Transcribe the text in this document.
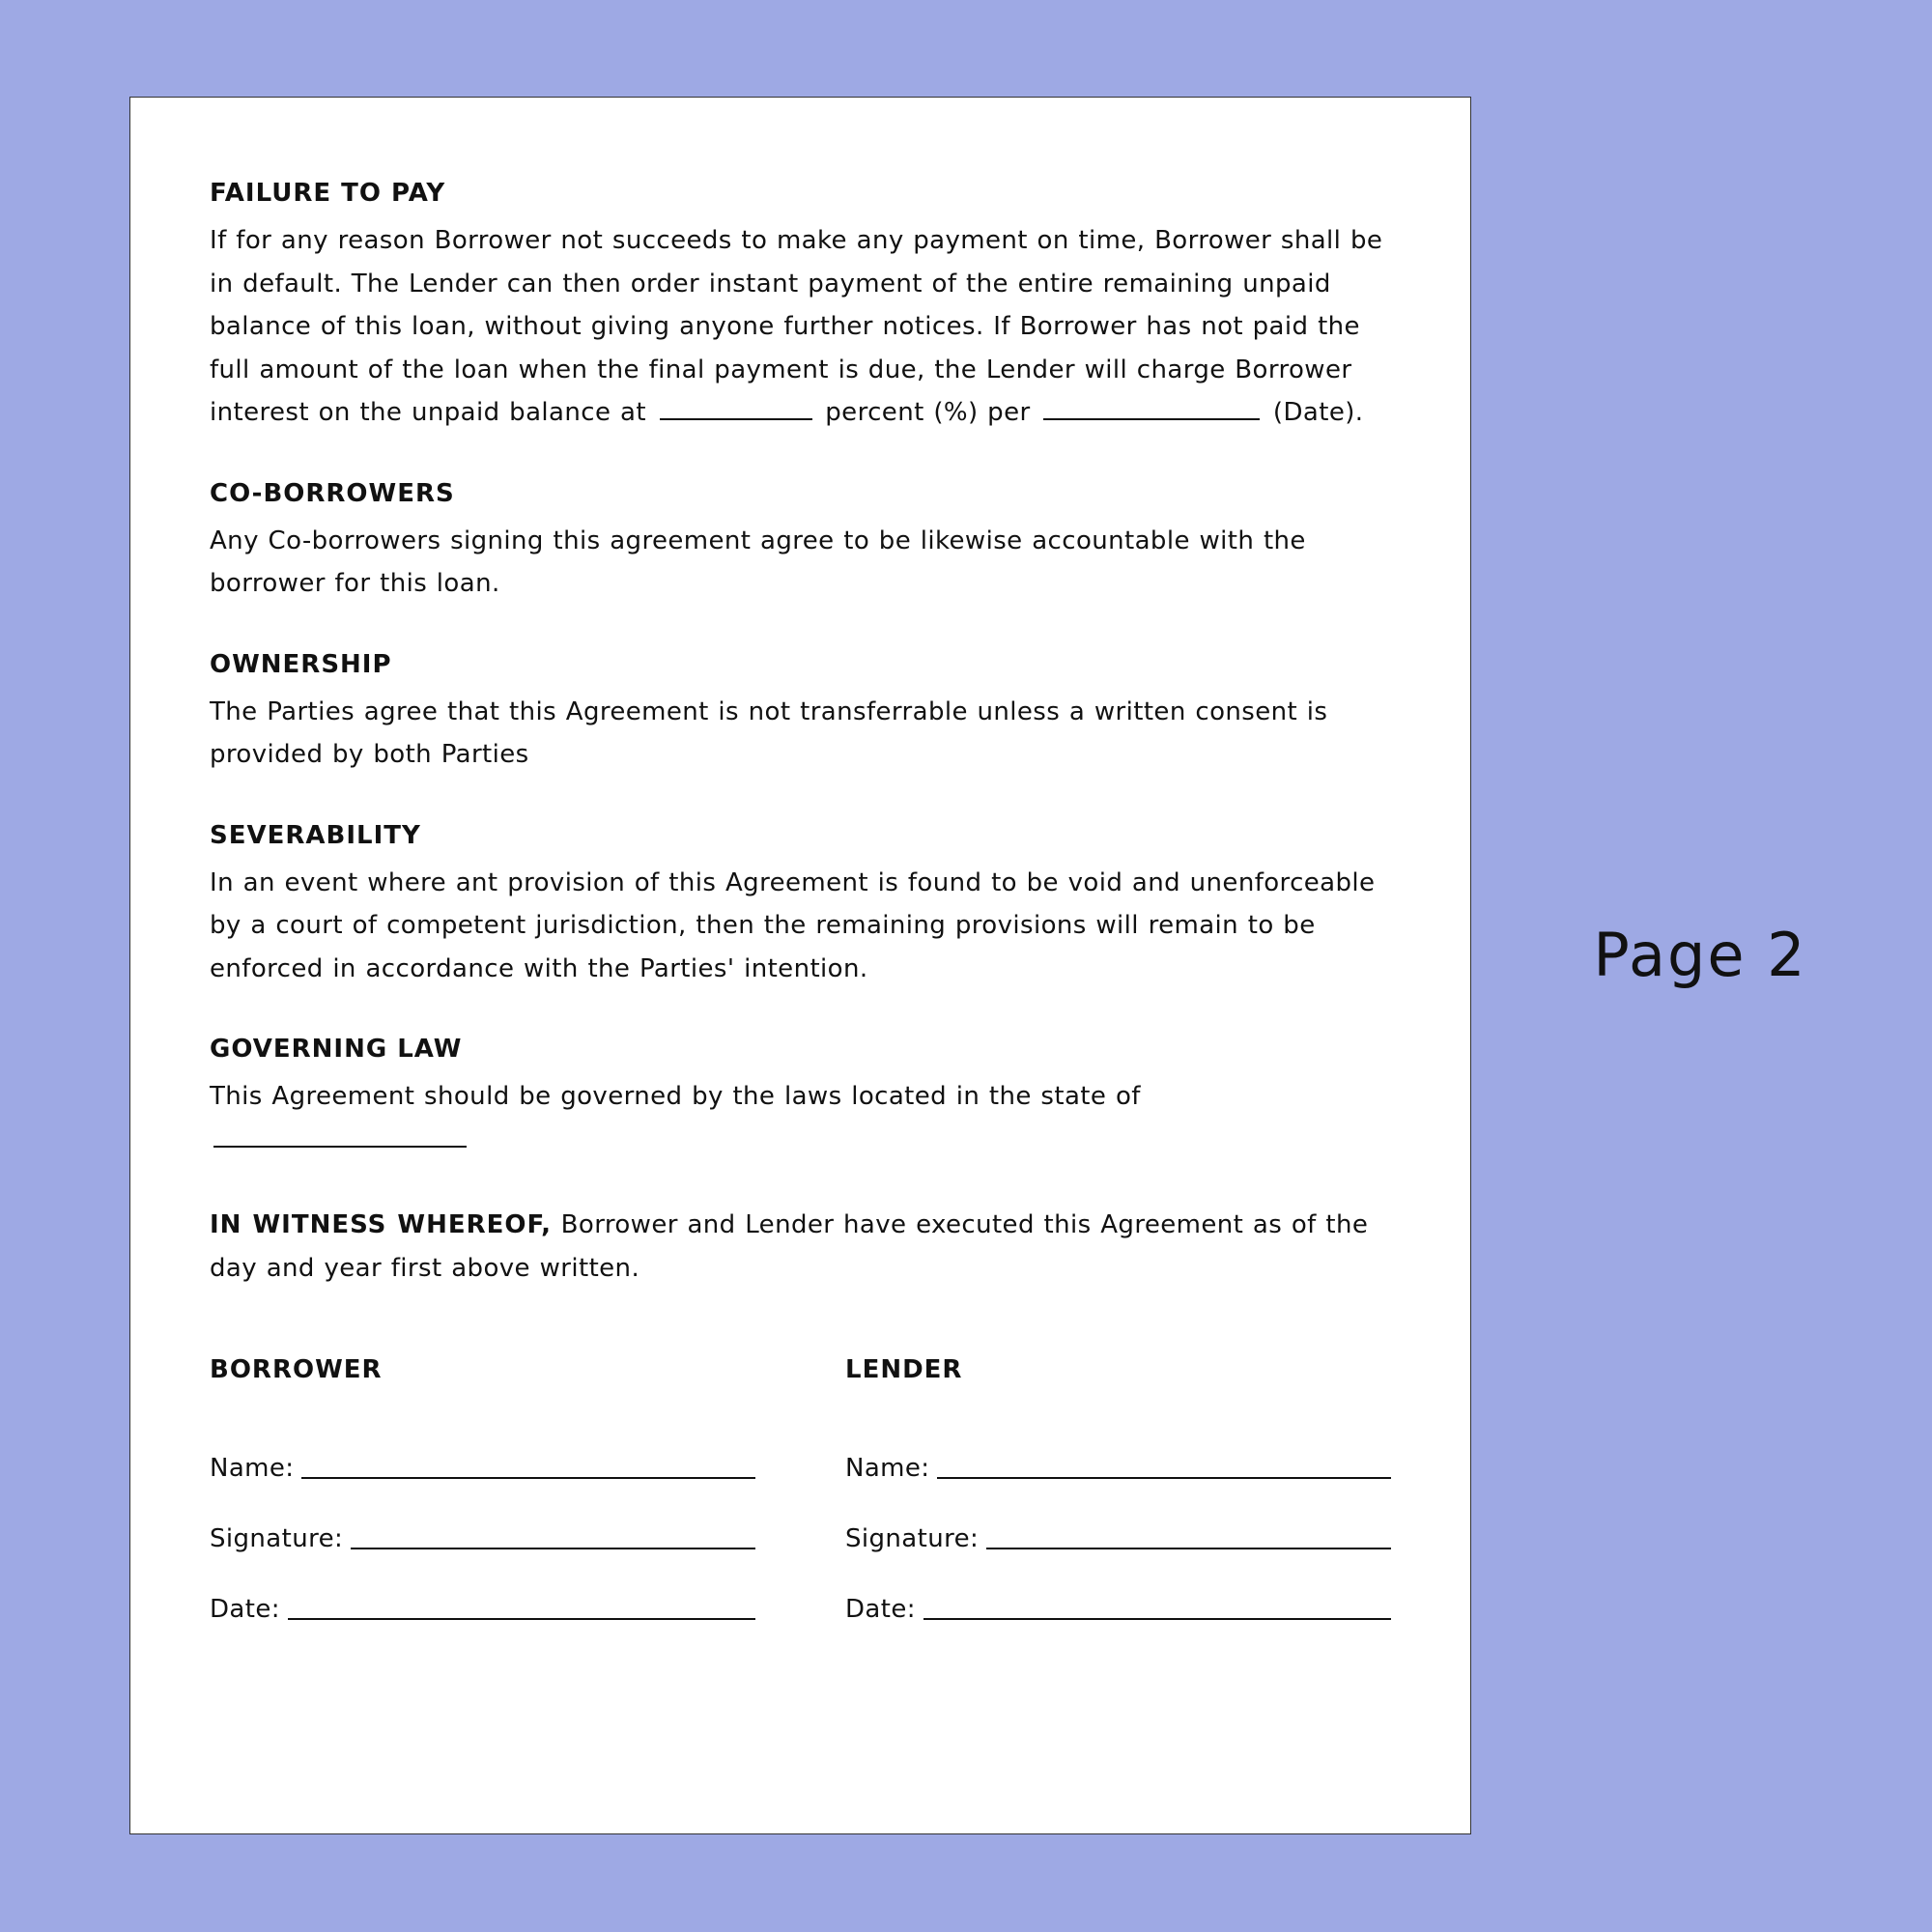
FAILURE TO PAY

If for any reason Borrower not succeeds to make any payment on time, Borrower shall be in default. The Lender can then order instant payment of the entire remaining unpaid balance of this loan, without giving anyone further notices. If Borrower has not paid the full amount of the loan when the final payment is due, the Lender will charge Borrower interest on the unpaid balance at	percent (%) per	(Date).

CO-BORROWERS

Any Co-borrowers signing this agreement agree to be likewise accountable with the borrower for this loan.

OWNERSHIP

The Parties agree that this Agreement is not transferrable unless a written consent is provided by both Parties

SEVERABILITY

In an event where ant provision of this Agreement is found to be void and unenforceable by a court of competent jurisdiction, then the remaining provisions will remain to be enforced in accordance with the Parties' intention.

GOVERNING LAW

This Agreement should be governed by the laws located in the state of

IN WITNESS WHEREOF, Borrower and Lender have executed this Agreement as of the day and year first above written.

BORROWER

Name:
Signature:
Date:

LENDER

Name:
Signature:
Date:
Page 2
